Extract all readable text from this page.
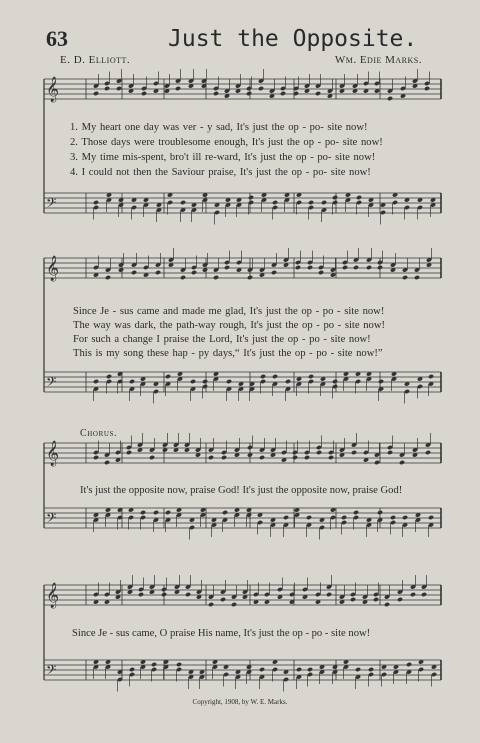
63	Just the Opposite.
E. D. Elliott.	Wm. Edie Marks.
𝄞
𝄢
𝄞
𝄢
𝄞
𝄢
𝄞
𝄢
1. My heart one day was ver - y sad, It's just the op - po- site now!
2. Those days were troublesome enough, It's just the op - po- site now!
3. My time mis-spent, bro't ill re-ward, It's just the op - po- site now!
4. I could not then the Saviour praise, It's just the op - po- site now!
Since Je - sus came and made me glad, It's just the op - po - site now!
The way was dark, the path-way rough, It's just the op - po - site now!
For such a change I praise the Lord, It's just the op - po - site now!
This is my song these hap - py days,“ It's just the op - po - site now!”
Chorus.
It's just the opposite now, praise God! It's just the opposite now, praise God!
Since Je - sus came, O praise His name, It's just the op - po - site now!
Copyright, 1908, by W. E. Marks.
